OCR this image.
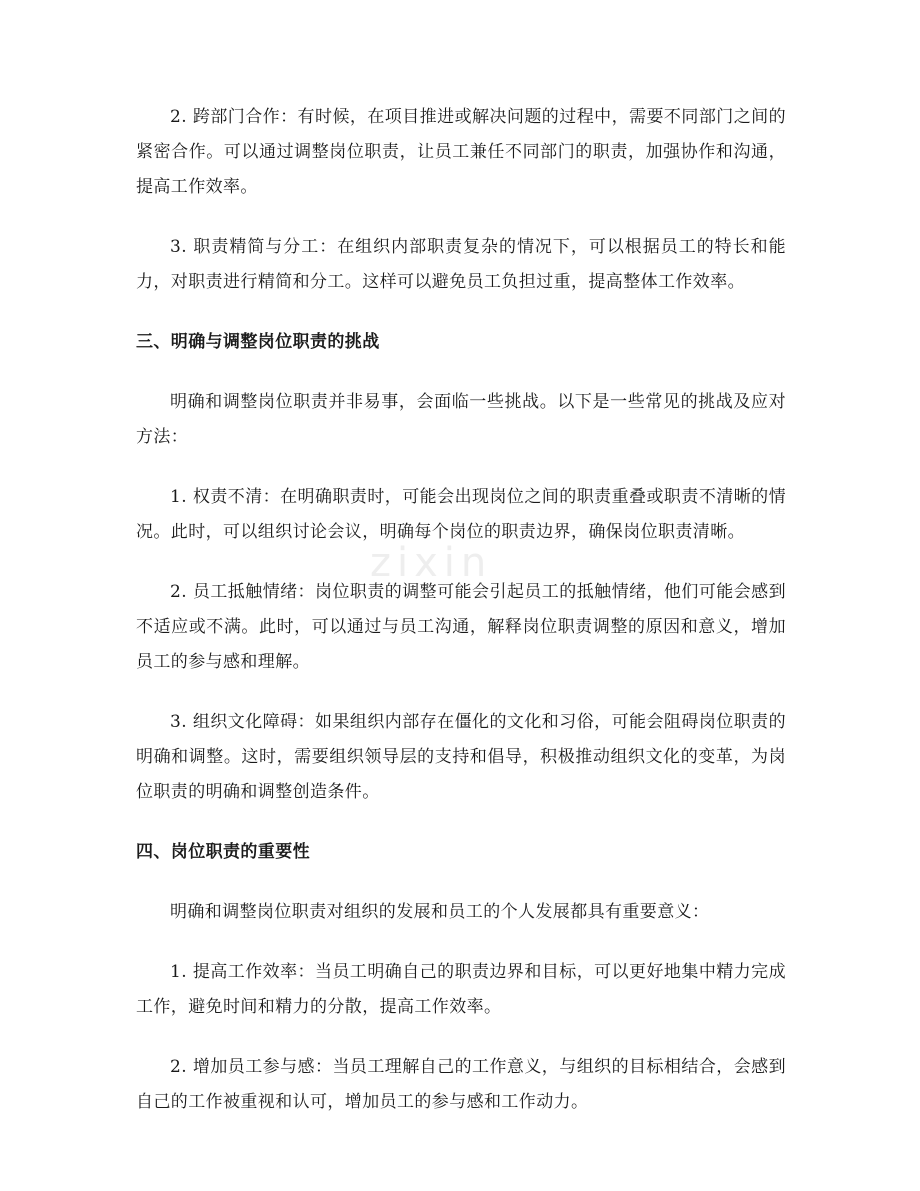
zixin

2. 跨部门合作：有时候，在项目推进或解决问题的过程中，需要不同部门之间的紧密合作。可以通过调整岗位职责，让员工兼任不同部门的职责，加强协作和沟通，提高工作效率。

3. 职责精简与分工：在组织内部职责复杂的情况下，可以根据员工的特长和能力，对职责进行精简和分工。这样可以避免员工负担过重，提高整体工作效率。

三、明确与调整岗位职责的挑战

明确和调整岗位职责并非易事，会面临一些挑战。以下是一些常见的挑战及应对方法：

1. 权责不清：在明确职责时，可能会出现岗位之间的职责重叠或职责不清晰的情况。此时，可以组织讨论会议，明确每个岗位的职责边界，确保岗位职责清晰。

2. 员工抵触情绪：岗位职责的调整可能会引起员工的抵触情绪，他们可能会感到不适应或不满。此时，可以通过与员工沟通，解释岗位职责调整的原因和意义，增加员工的参与感和理解。

3. 组织文化障碍：如果组织内部存在僵化的文化和习俗，可能会阻碍岗位职责的明确和调整。这时，需要组织领导层的支持和倡导，积极推动组织文化的变革，为岗位职责的明确和调整创造条件。

四、岗位职责的重要性

明确和调整岗位职责对组织的发展和员工的个人发展都具有重要意义：

1. 提高工作效率：当员工明确自己的职责边界和目标，可以更好地集中精力完成工作，避免时间和精力的分散，提高工作效率。

2. 增加员工参与感：当员工理解自己的工作意义，与组织的目标相结合，会感到自己的工作被重视和认可，增加员工的参与感和工作动力。
